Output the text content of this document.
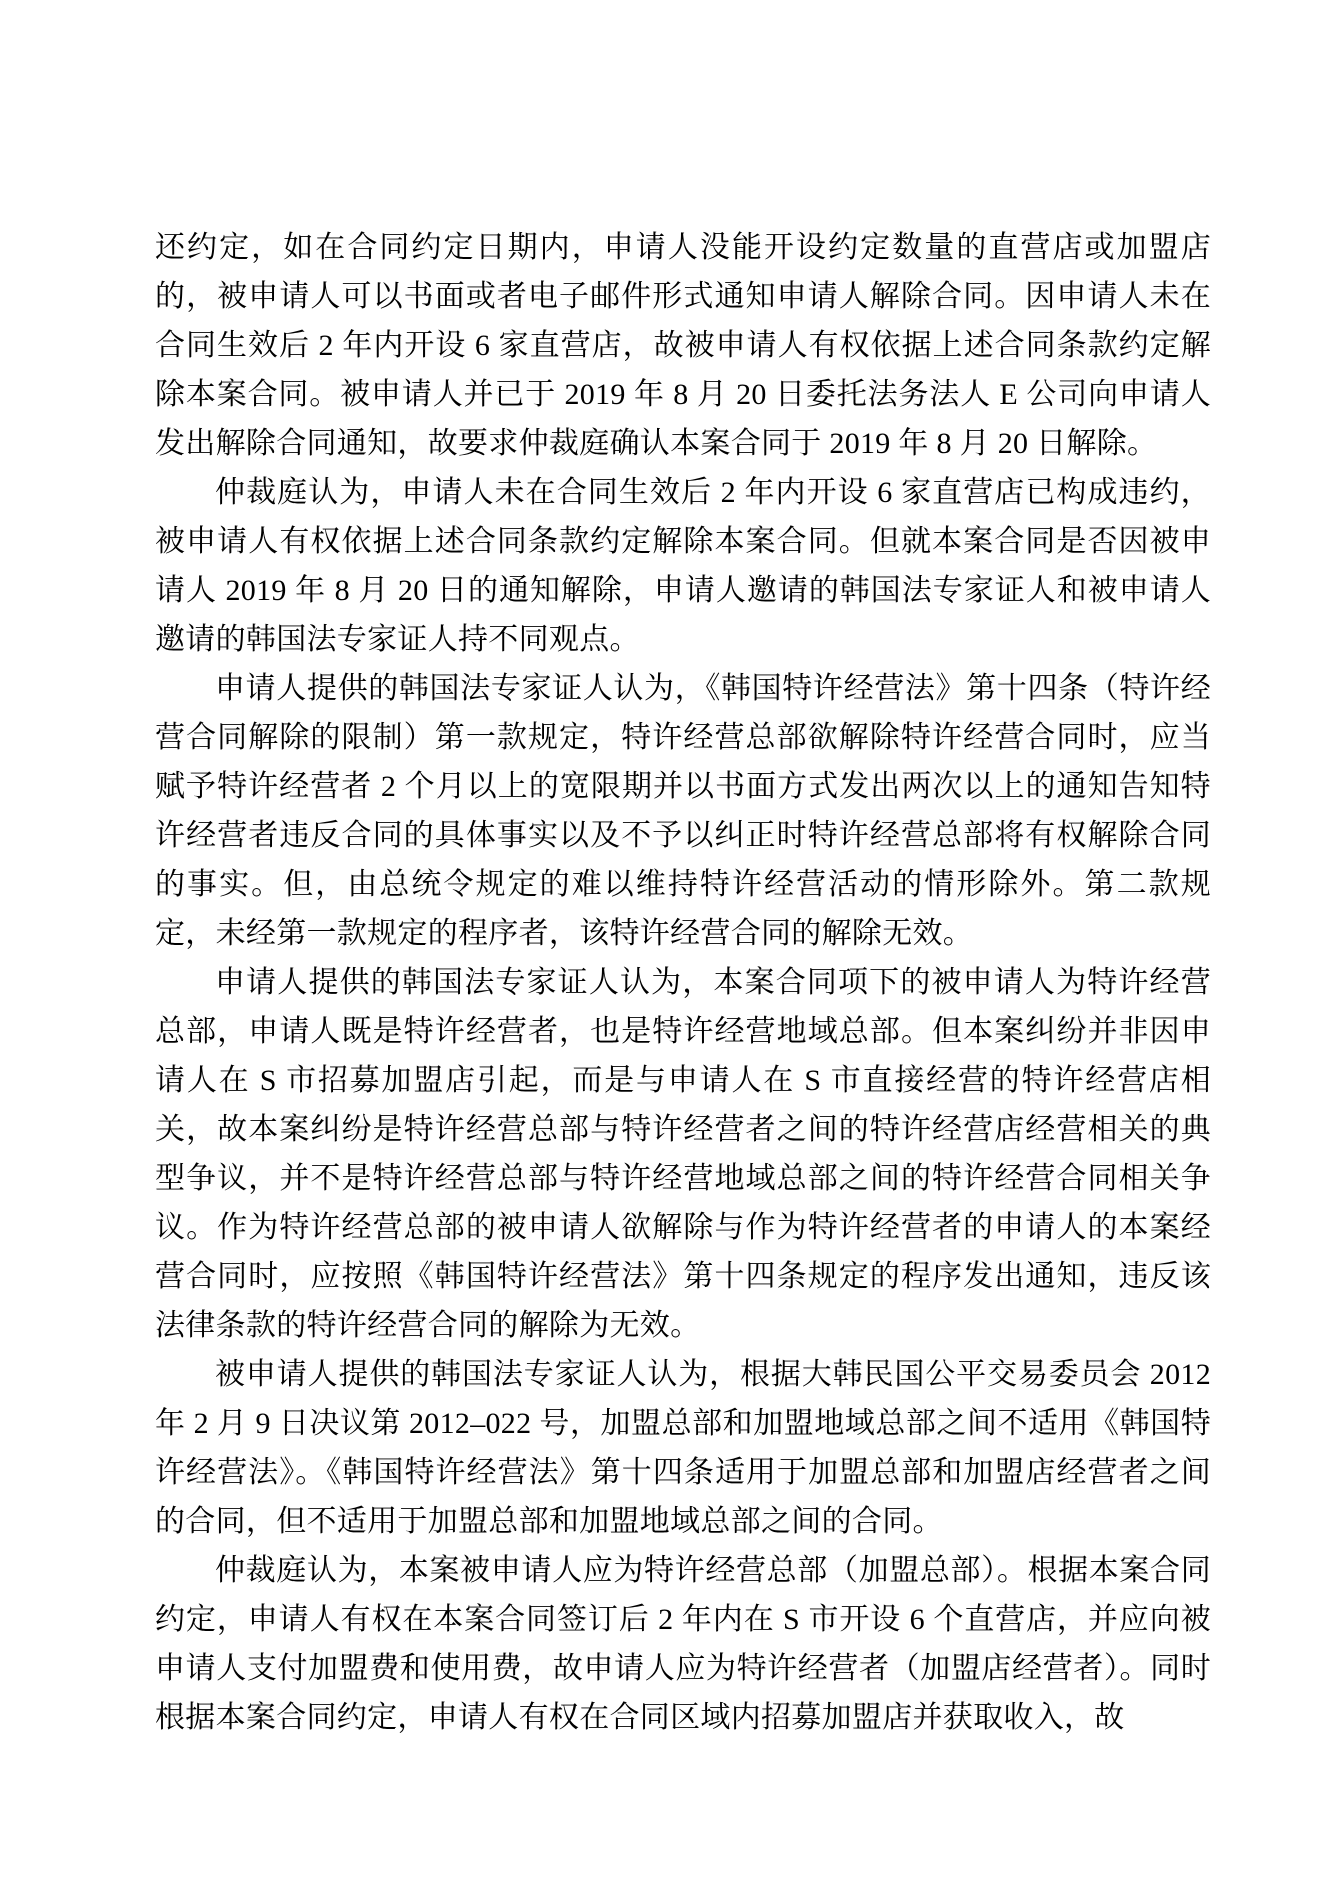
还约定，如在合同约定日期内，申请人没能开设约定数量的直营店或加盟店的，被申请人可以书面或者电子邮件形式通知申请人解除合同。因申请人未在合同生效后 2 年内开设 6 家直营店，故被申请人有权依据上述合同条款约定解除本案合同。被申请人并已于 2019 年 8 月 20 日委托法务法人 E 公司向申请人发出解除合同通知，故要求仲裁庭确认本案合同于 2019 年 8 月 20 日解除。

仲裁庭认为，申请人未在合同生效后 2 年内开设 6 家直营店已构成违约，被申请人有权依据上述合同条款约定解除本案合同。但就本案合同是否因被申请人 2019 年 8 月 20 日的通知解除，申请人邀请的韩国法专家证人和被申请人邀请的韩国法专家证人持不同观点。

申请人提供的韩国法专家证人认为，《韩国特许经营法》第十四条（特许经营合同解除的限制）第一款规定，特许经营总部欲解除特许经营合同时，应当赋予特许经营者 2 个月以上的宽限期并以书面方式发出两次以上的通知告知特许经营者违反合同的具体事实以及不予以纠正时特许经营总部将有权解除合同的事实。但，由总统令规定的难以维持特许经营活动的情形除外。第二款规定，未经第一款规定的程序者，该特许经营合同的解除无效。

申请人提供的韩国法专家证人认为，本案合同项下的被申请人为特许经营总部，申请人既是特许经营者，也是特许经营地域总部。但本案纠纷并非因申请人在 S 市招募加盟店引起，而是与申请人在 S 市直接经营的特许经营店相关，故本案纠纷是特许经营总部与特许经营者之间的特许经营店经营相关的典型争议，并不是特许经营总部与特许经营地域总部之间的特许经营合同相关争议。作为特许经营总部的被申请人欲解除与作为特许经营者的申请人的本案经营合同时，应按照《韩国特许经营法》第十四条规定的程序发出通知，违反该法律条款的特许经营合同的解除为无效。

被申请人提供的韩国法专家证人认为，根据大韩民国公平交易委员会 2012 年 2 月 9 日决议第 2012–022 号，加盟总部和加盟地域总部之间不适用《韩国特许经营法》。《韩国特许经营法》第十四条适用于加盟总部和加盟店经营者之间的合同，但不适用于加盟总部和加盟地域总部之间的合同。

仲裁庭认为，本案被申请人应为特许经营总部（加盟总部）。根据本案合同约定，申请人有权在本案合同签订后 2 年内在 S 市开设 6 个直营店，并应向被申请人支付加盟费和使用费，故申请人应为特许经营者（加盟店经营者）。同时根据本案合同约定，申请人有权在合同区域内招募加盟店并获取收入，故
